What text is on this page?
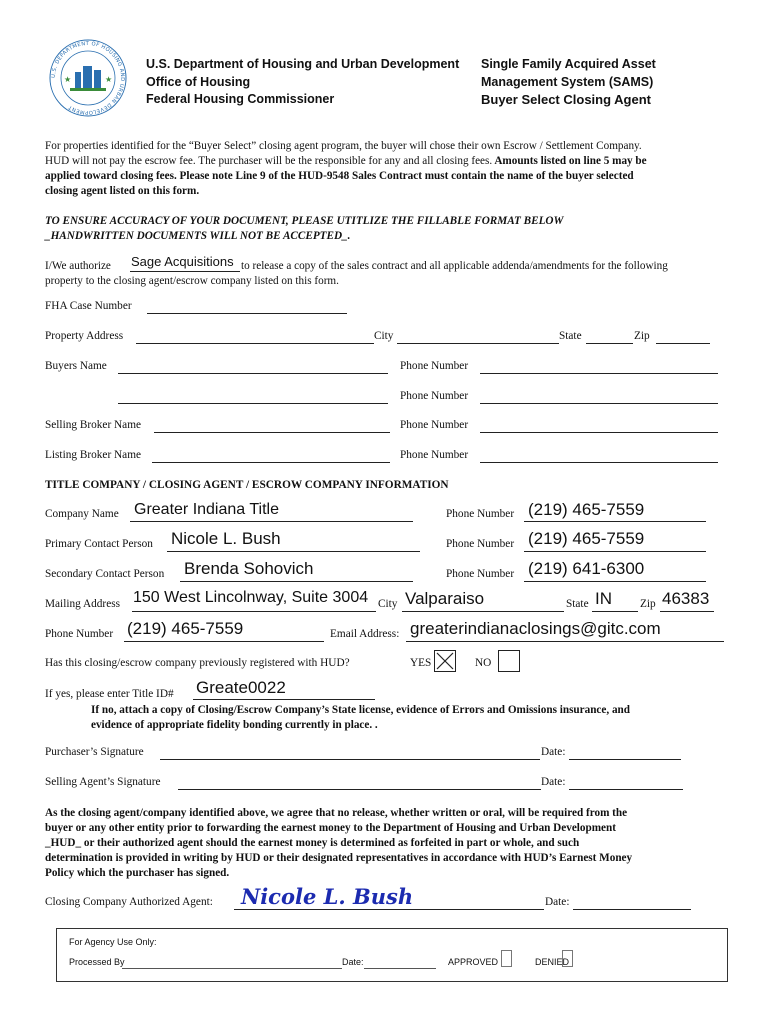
U.S. DEPARTMENT OF HOUSING AND URBAN DEVELOPMENT
★	★
U.S. Department of Housing and Urban Development
Office of Housing
Federal Housing Commissioner
Single Family Acquired Asset
Management System (SAMS)
Buyer Select Closing Agent
For properties identified for the “Buyer Select” closing agent program, the buyer will chose their own Escrow / Settlement Company.
HUD will not pay the escrow fee. The purchaser will be the responsible for any and all closing fees. Amounts listed on line 5 may be
applied toward closing fees. Please note Line 9 of the HUD-9548 Sales Contract must contain the name of the buyer selected
closing agent listed on this form.
TO ENSURE ACCURACY OF YOUR DOCUMENT, PLEASE UTITLIZE THE FILLABLE FORMAT BELOW
_HANDWRITTEN DOCUMENTS WILL NOT BE ACCEPTED_.
I/We authorize Sage Acquisitions to release a copy of the sales contract and all applicable addenda/amendments for the following
property to the closing agent/escrow company listed on this form.
FHA Case Number
Property Address	City	State	Zip
Buyers Name	Phone Number
Phone Number
Selling Broker Name	Phone Number
Listing Broker Name	Phone Number
TITLE COMPANY / CLOSING AGENT / ESCROW COMPANY INFORMATION
Company Name Greater Indiana Title	Phone Number (219) 465-7559
Primary Contact Person Nicole L. Bush	Phone Number (219) 465-7559
Secondary Contact Person Brenda Sohovich	Phone Number (219) 641-6300
Mailing Address 150 West Lincolnway, Suite 3004 City Valparaiso	State IN Zip 46383
Phone Number (219) 465-7559	Email Address: greaterindianaclosings@gitc.com
Has this closing/escrow company previously registered with HUD?	YES	NO
If yes, please enter Title ID# Greate0022
If no, attach a copy of Closing/Escrow Company’s State license, evidence of Errors and Omissions insurance, and
evidence of appropriate fidelity bonding currently in place. .
Purchaser’s Signature	Date:
Selling Agent’s Signature	Date:
As the closing agent/company identified above, we agree that no release, whether written or oral, will be required from the
buyer or any other entity prior to forwarding the earnest money to the Department of Housing and Urban Development
_HUD_ or their authorized agent should the earnest money is determined as forfeited in part or whole, and such
determination is provided in writing by HUD or their designated representatives in accordance with HUD’s Earnest Money
Policy which the purchaser has signed.
Closing Company Authorized Agent: Nicole L. Bush	Date:
For Agency Use Only:
Processed By	Date:	APPROVED	DENIED
